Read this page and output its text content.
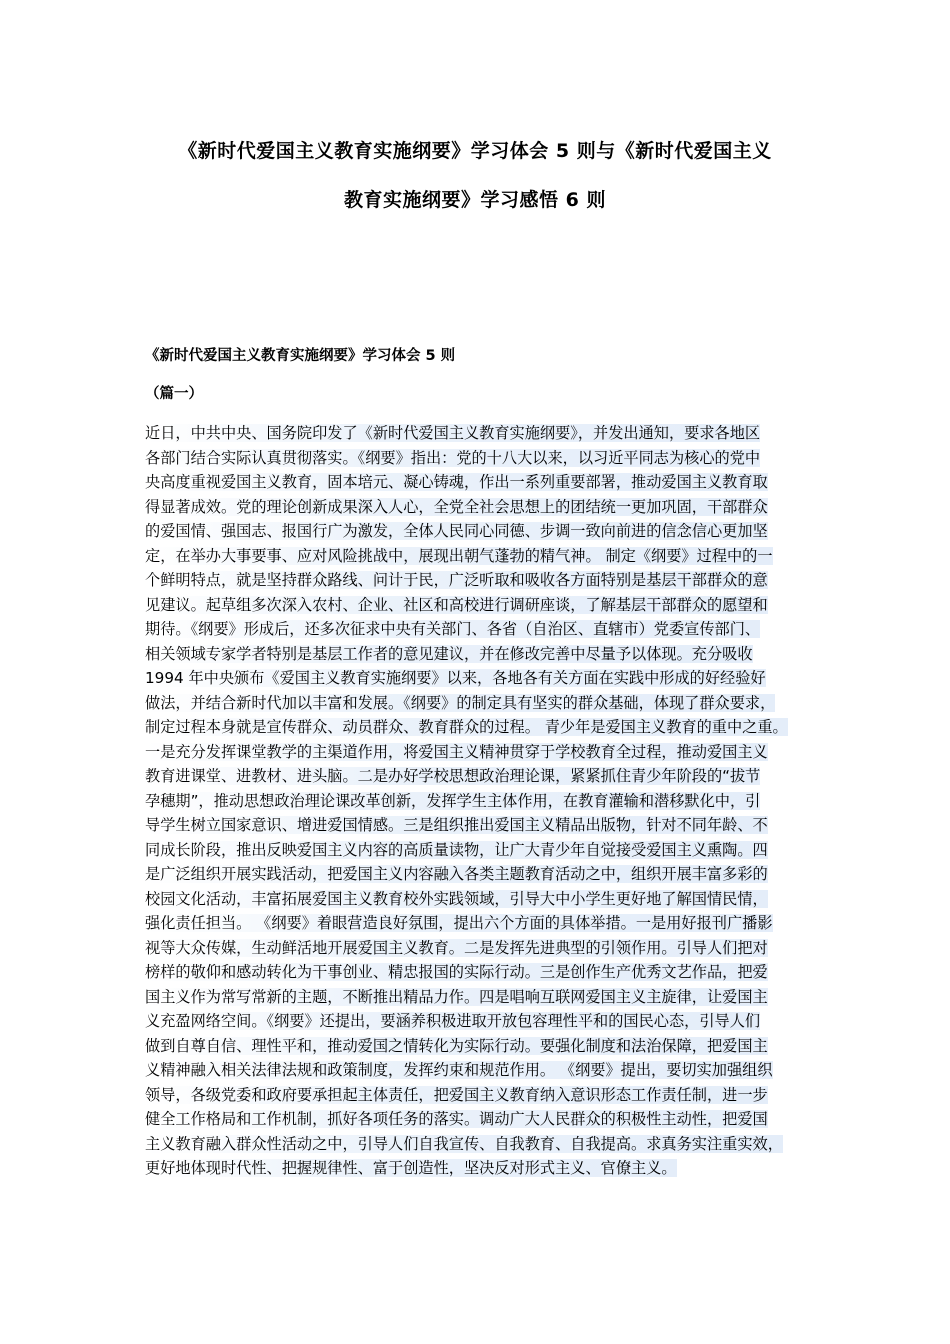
《新时代爱国主义教育实施纲要》学习体会 5 则与《新时代爱国主义
教育实施纲要》学习感悟 6 则
《新时代爱国主义教育实施纲要》学习体会 5 则
（篇一）
近日，中共中央、国务院印发了《新时代爱国主义教育实施纲要》，并发出通知，要求各地区
各部门结合实际认真贯彻落实。《纲要》指出：党的十八大以来，以习近平同志为核心的党中
央高度重视爱国主义教育，固本培元、凝心铸魂，作出一系列重要部署，推动爱国主义教育取
得显著成效。党的理论创新成果深入人心，全党全社会思想上的团结统一更加巩固，干部群众
的爱国情、强国志、报国行广为激发，全体人民同心同德、步调一致向前进的信念信心更加坚
定，在举办大事要事、应对风险挑战中，展现出朝气蓬勃的精气神。 制定《纲要》过程中的一
个鲜明特点，就是坚持群众路线、问计于民，广泛听取和吸收各方面特别是基层干部群众的意
见建议。起草组多次深入农村、企业、社区和高校进行调研座谈，了解基层干部群众的愿望和
期待。《纲要》形成后，还多次征求中央有关部门、各省（自治区、直辖市）党委宣传部门、
相关领域专家学者特别是基层工作者的意见建议，并在修改完善中尽量予以体现。充分吸收
1994 年中央颁布《爱国主义教育实施纲要》以来，各地各有关方面在实践中形成的好经验好
做法，并结合新时代加以丰富和发展。《纲要》的制定具有坚实的群众基础，体现了群众要求，
制定过程本身就是宣传群众、动员群众、教育群众的过程。 青少年是爱国主义教育的重中之重。
一是充分发挥课堂教学的主渠道作用，将爱国主义精神贯穿于学校教育全过程，推动爱国主义
教育进课堂、进教材、进头脑。二是办好学校思想政治理论课，紧紧抓住青少年阶段的“拔节
孕穗期”，推动思想政治理论课改革创新，发挥学生主体作用，在教育灌输和潜移默化中，引
导学生树立国家意识、增进爱国情感。三是组织推出爱国主义精品出版物，针对不同年龄、不
同成长阶段，推出反映爱国主义内容的高质量读物，让广大青少年自觉接受爱国主义熏陶。四
是广泛组织开展实践活动，把爱国主义内容融入各类主题教育活动之中，组织开展丰富多彩的
校园文化活动，丰富拓展爱国主义教育校外实践领域，引导大中小学生更好地了解国情民情，
强化责任担当。 《纲要》着眼营造良好氛围，提出六个方面的具体举措。一是用好报刊广播影
视等大众传媒，生动鲜活地开展爱国主义教育。二是发挥先进典型的引领作用。引导人们把对
榜样的敬仰和感动转化为干事创业、精忠报国的实际行动。三是创作生产优秀文艺作品，把爱
国主义作为常写常新的主题，不断推出精品力作。四是唱响互联网爱国主义主旋律，让爱国主
义充盈网络空间。《纲要》还提出，要涵养积极进取开放包容理性平和的国民心态，引导人们
做到自尊自信、理性平和，推动爱国之情转化为实际行动。要强化制度和法治保障，把爱国主
义精神融入相关法律法规和政策制度，发挥约束和规范作用。 《纲要》提出，要切实加强组织
领导，各级党委和政府要承担起主体责任，把爱国主义教育纳入意识形态工作责任制，进一步
健全工作格局和工作机制，抓好各项任务的落实。调动广大人民群众的积极性主动性，把爱国
主义教育融入群众性活动之中，引导人们自我宣传、自我教育、自我提高。求真务实注重实效，
更好地体现时代性、把握规律性、富于创造性，坚决反对形式主义、官僚主义。
